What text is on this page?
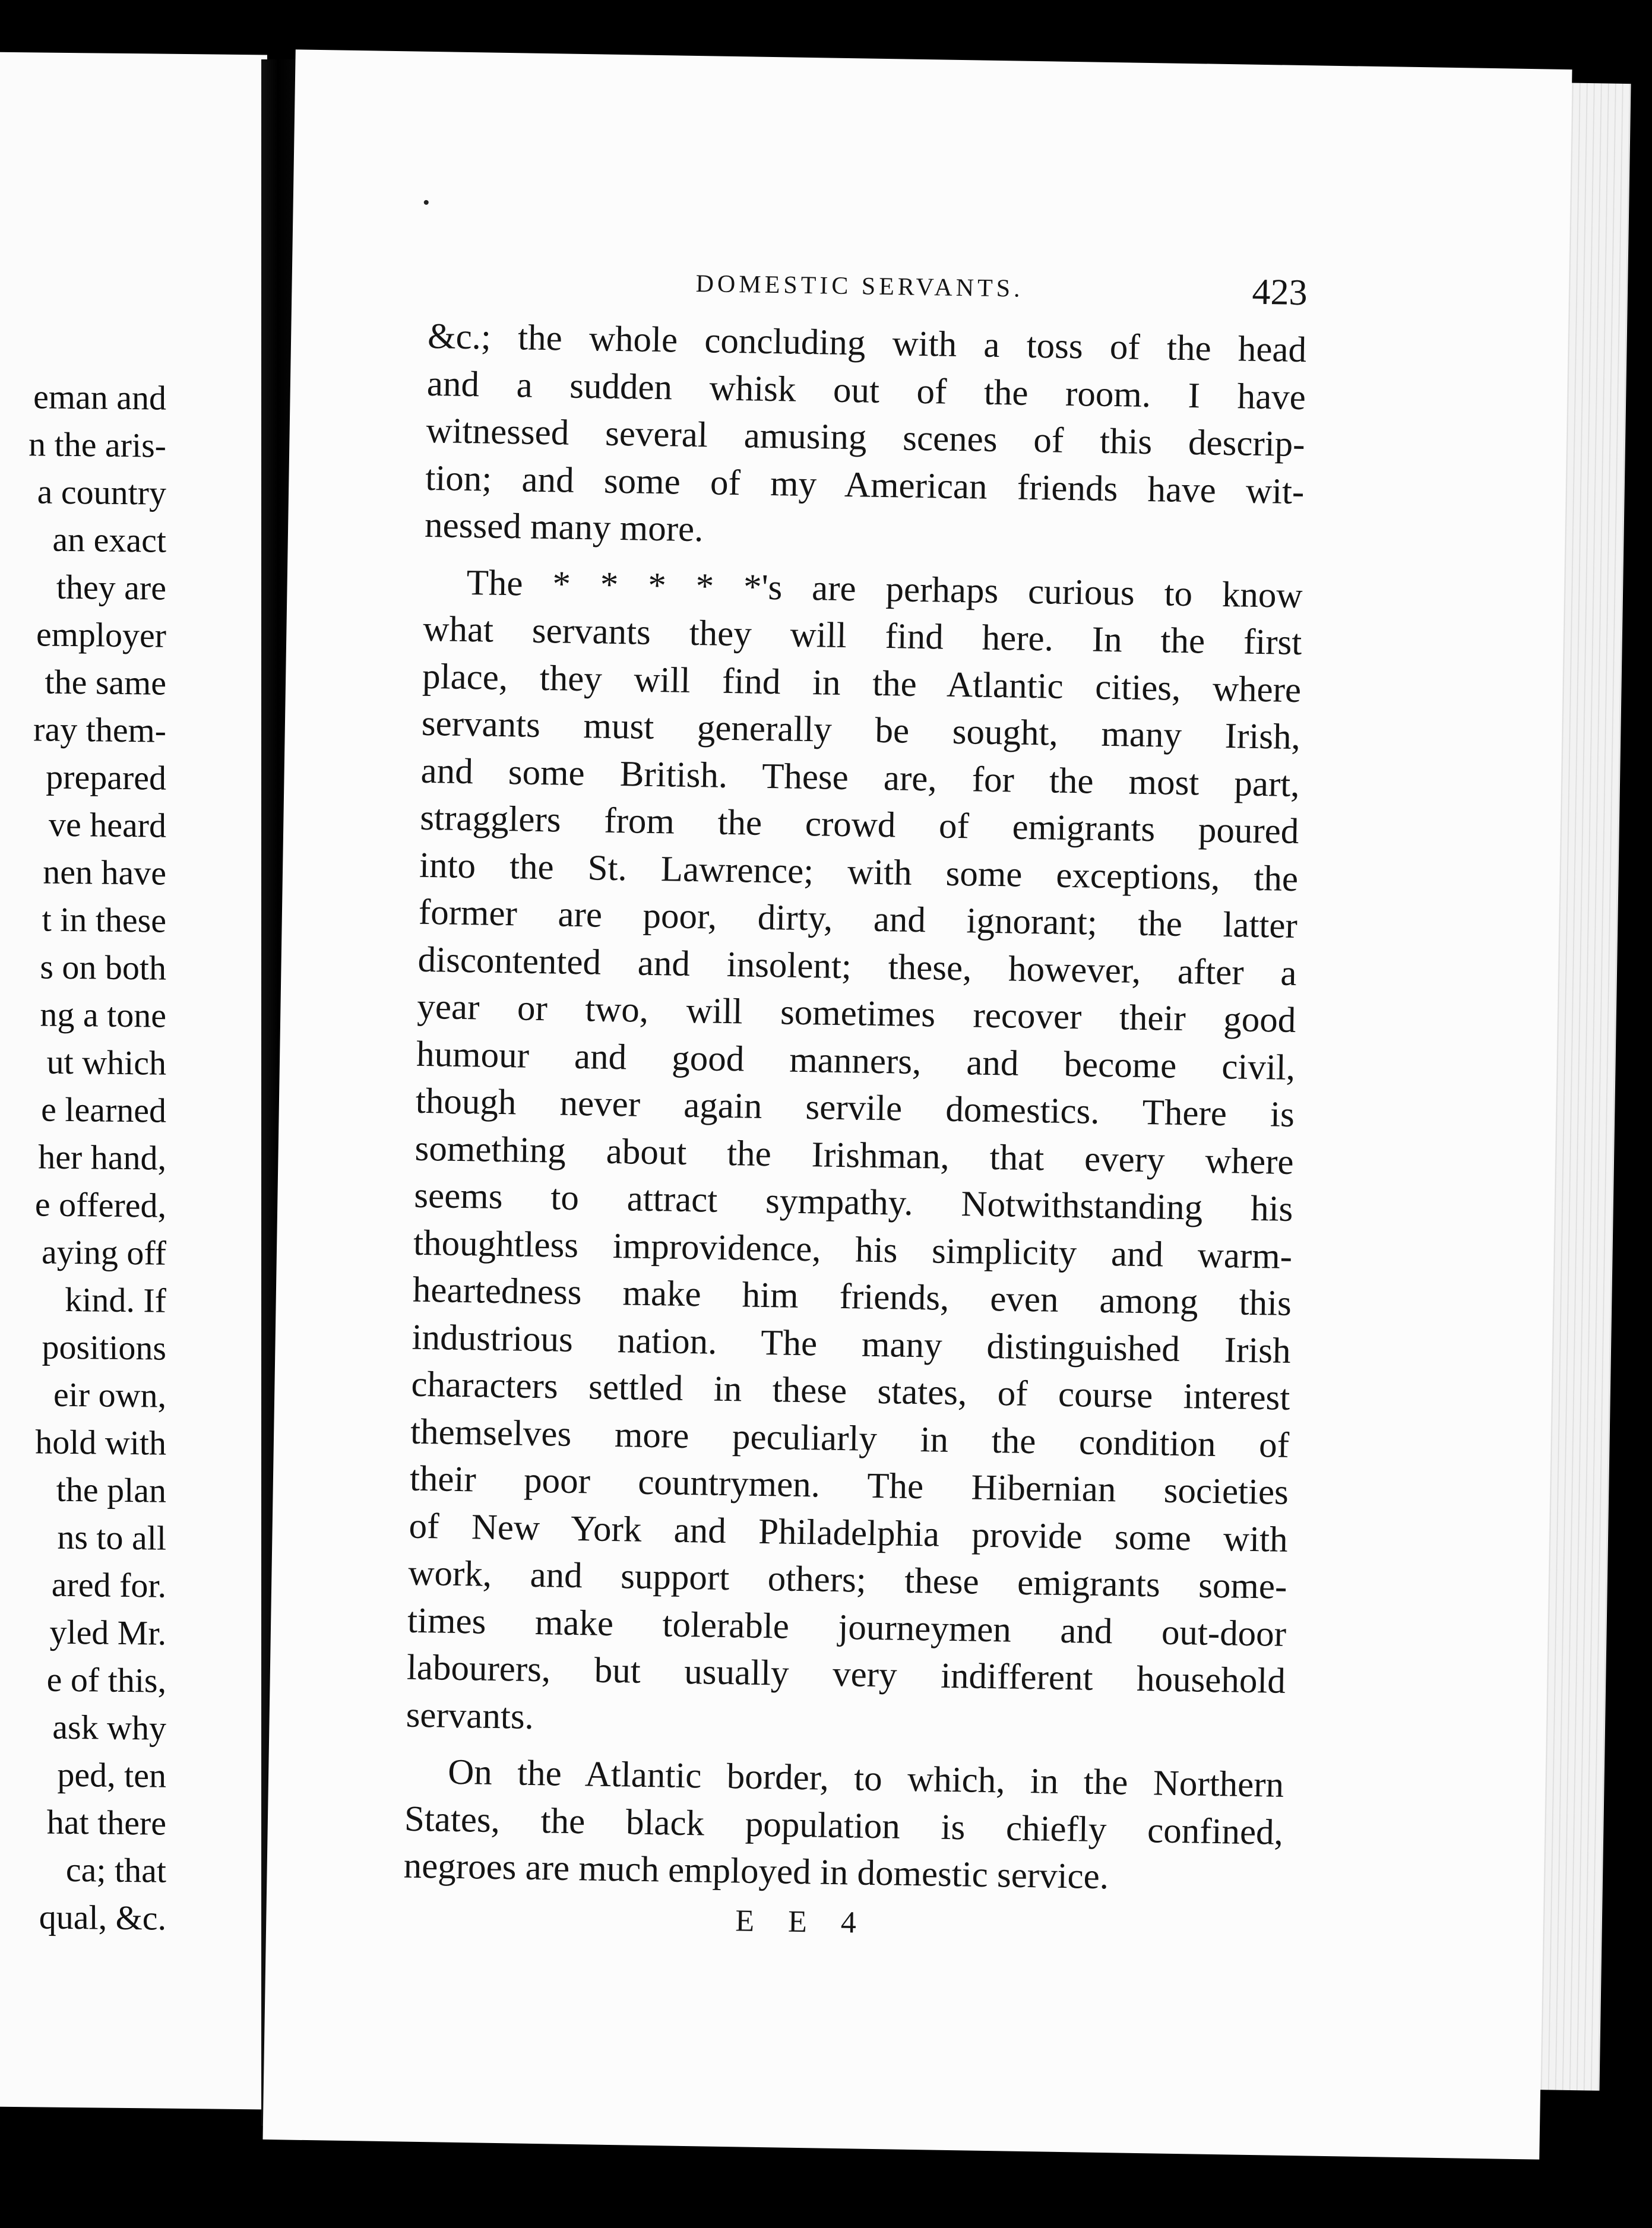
eman and
n the aris-
a country
an exact
they are
employer
the same
ray them-
prepared
ve heard
nen have
t in these
s on both
ng a tone
ut which
e learned
her hand,
e offered,
aying off
kind. If
positions
eir own,
hold with
the plan
ns to all
ared for.
yled Mr.
e of this,
ask why
ped, ten
hat there
ca; that
qual, &c.
DOMESTIC SERVANTS.	423
&c.; the whole concluding with a toss of the head
and a sudden whisk out of the room. I have
witnessed several amusing scenes of this descrip-
tion; and some of my American friends have wit-
nessed many more.
The * * * * *'s are perhaps curious to know
what servants they will find here. In the first
place, they will find in the Atlantic cities, where
servants must generally be sought, many Irish,
and some British. These are, for the most part,
stragglers from the crowd of emigrants poured
into the St. Lawrence; with some exceptions, the
former are poor, dirty, and ignorant; the latter
discontented and insolent; these, however, after a
year or two, will sometimes recover their good
humour and good manners, and become civil,
though never again servile domestics. There is
something about the Irishman, that every where
seems to attract sympathy. Notwithstanding his
thoughtless improvidence, his simplicity and warm-
heartedness make him friends, even among this
industrious nation. The many distinguished Irish
characters settled in these states, of course interest
themselves more peculiarly in the condition of
their poor countrymen. The Hibernian societies
of New York and Philadelphia provide some with
work, and support others; these emigrants some-
times make tolerable journeymen and out-door
labourers, but usually very indifferent household
servants.
On the Atlantic border, to which, in the Northern
States, the black population is chiefly confined,
negroes are much employed in domestic service.
E E 4
